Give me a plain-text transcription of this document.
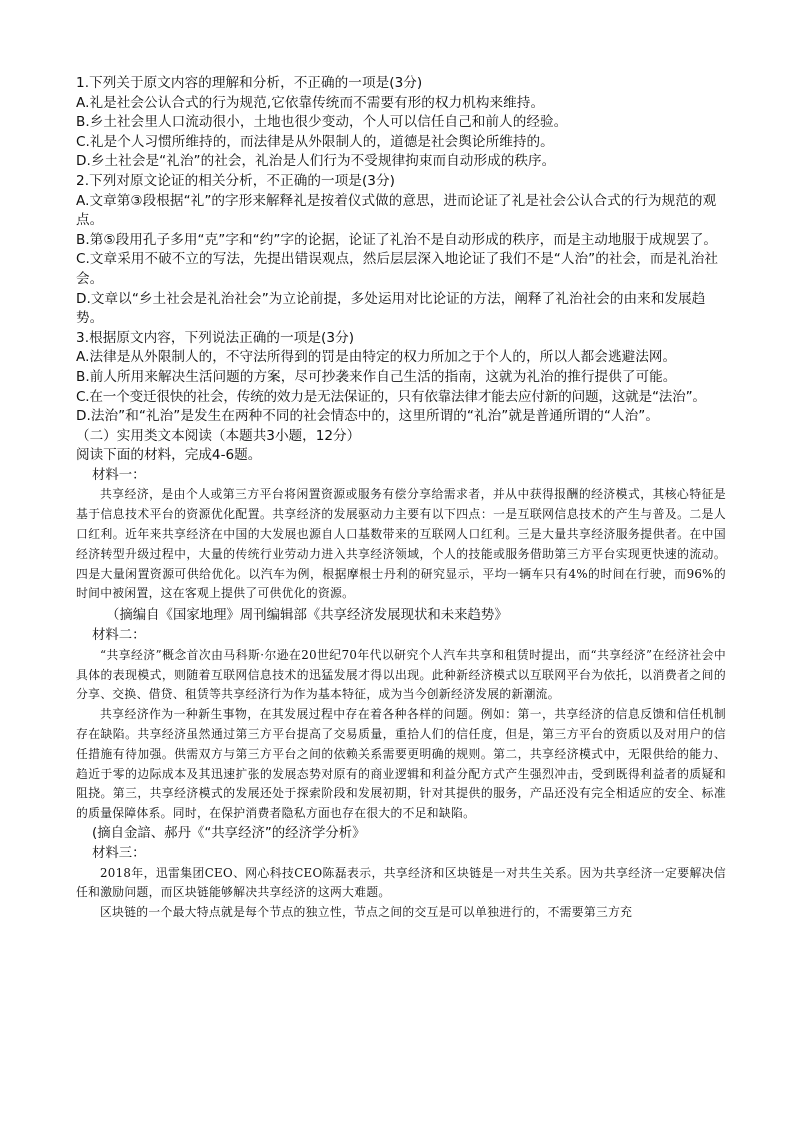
1.下列关于原文内容的理解和分析，不正确的一项是(3分)

A.礼是社会公认合式的行为规范,它依靠传统而不需要有形的权力机构来维持。

B.乡土社会里人口流动很小，土地也很少变动，个人可以信任自己和前人的经验。

C.礼是个人习惯所维持的，而法律是从外限制人的，道德是社会舆论所维持的。

D.乡土社会是“礼治”的社会，礼治是人们行为不受规律拘束而自动形成的秩序。

2.下列对原文论证的相关分析，不正确的一项是(3分)

A.文章第③段根据“礼”的字形来解释礼是按着仪式做的意思，进而论证了礼是社会公认合式的行为规范的观点。

B.第⑤段用孔子多用“克”字和“约”字的论据，论证了礼治不是自动形成的秩序，而是主动地服于成规罢了。

C.文章采用不破不立的写法，先提出错误观点，然后层层深入地论证了我们不是“人治”的社会，而是礼治社会。

D.文章以“乡土社会是礼治社会”为立论前提，多处运用对比论证的方法，阐释了礼治社会的由来和发展趋势。

3.根据原文内容，下列说法正确的一项是(3分)

A.法律是从外限制人的，不守法所得到的罚是由特定的权力所加之于个人的，所以人都会逃避法网。

B.前人所用来解决生活问题的方案，尽可抄袭来作自己生活的指南，这就为礼治的推行提供了可能。

C.在一个变迁很快的社会，传统的效力是无法保证的，只有依靠法律才能去应付新的问题，这就是“法治”。

D.法治”和“礼治”是发生在两种不同的社会情态中的，这里所谓的“礼治”就是普通所谓的“人治”。

（二）实用类文本阅读（本题共3小题，12分）

阅读下面的材料，完成4-6题。

材料一：

共享经济，是由个人或第三方平台将闲置资源或服务有偿分享给需求者，并从中获得报酬的经济模式，其核心特征是基于信息技术平台的资源优化配置。共享经济的发展驱动力主要有以下四点：一是互联网信息技术的产生与普及。二是人口红利。近年来共享经济在中国的大发展也源自人口基数带来的互联网人口红利。三是大量共享经济服务提供者。在中国经济转型升级过程中，大量的传统行业劳动力进入共享经济领域，个人的技能或服务借助第三方平台实现更快速的流动。四是大量闲置资源可供给优化。以汽车为例，根据摩根士丹利的研究显示，平均一辆车只有4%的时间在行驶，而96%的时间中被闲置，这在客观上提供了可供优化的资源。

（摘编自《国家地理》周刊编辑部《共享经济发展现状和未来趋势》

材料二：

“共享经济”概念首次由马科斯·尔逊在20世纪70年代以研究个人汽车共享和租赁时提出，而“共享经济”在经济社会中具体的表现模式，则随着互联网信息技术的迅猛发展才得以出现。此种新经济模式以互联网平台为依托，以消费者之间的分享、交换、借贷、租赁等共享经济行为作为基本特征，成为当今创新经济发展的新潮流。

共享经济作为一种新生事物，在其发展过程中存在着各种各样的问题。例如：第一，共享经济的信息反馈和信任机制存在缺陷。共享经济虽然通过第三方平台提高了交易质量，重拾人们的信任度，但是，第三方平台的资质以及对用户的信任措施有待加强。供需双方与第三方平台之间的依赖关系需要更明确的规则。第二，共享经济模式中，无限供给的能力、趋近于零的边际成本及其迅速扩张的发展态势对原有的商业逻辑和利益分配方式产生强烈冲击，受到既得利益者的质疑和阻挠。第三，共享经济模式的发展还处于探索阶段和发展初期，针对其提供的服务，产品还没有完全相适应的安全、标准的质量保障体系。同时，在保护消费者隐私方面也存在很大的不足和缺陷。

(摘自金諳、郝丹《“共享经济”的经济学分析》

材料三：

2018年，迅雷集团CEO、网心科技CEO陈磊表示，共享经济和区块链是一对共生关系。因为共享经济一定要解决信任和激励问题，而区块链能够解决共享经济的这两大难题。

区块链的一个最大特点就是每个节点的独立性，节点之间的交互是可以单独进行的，不需要第三方充
